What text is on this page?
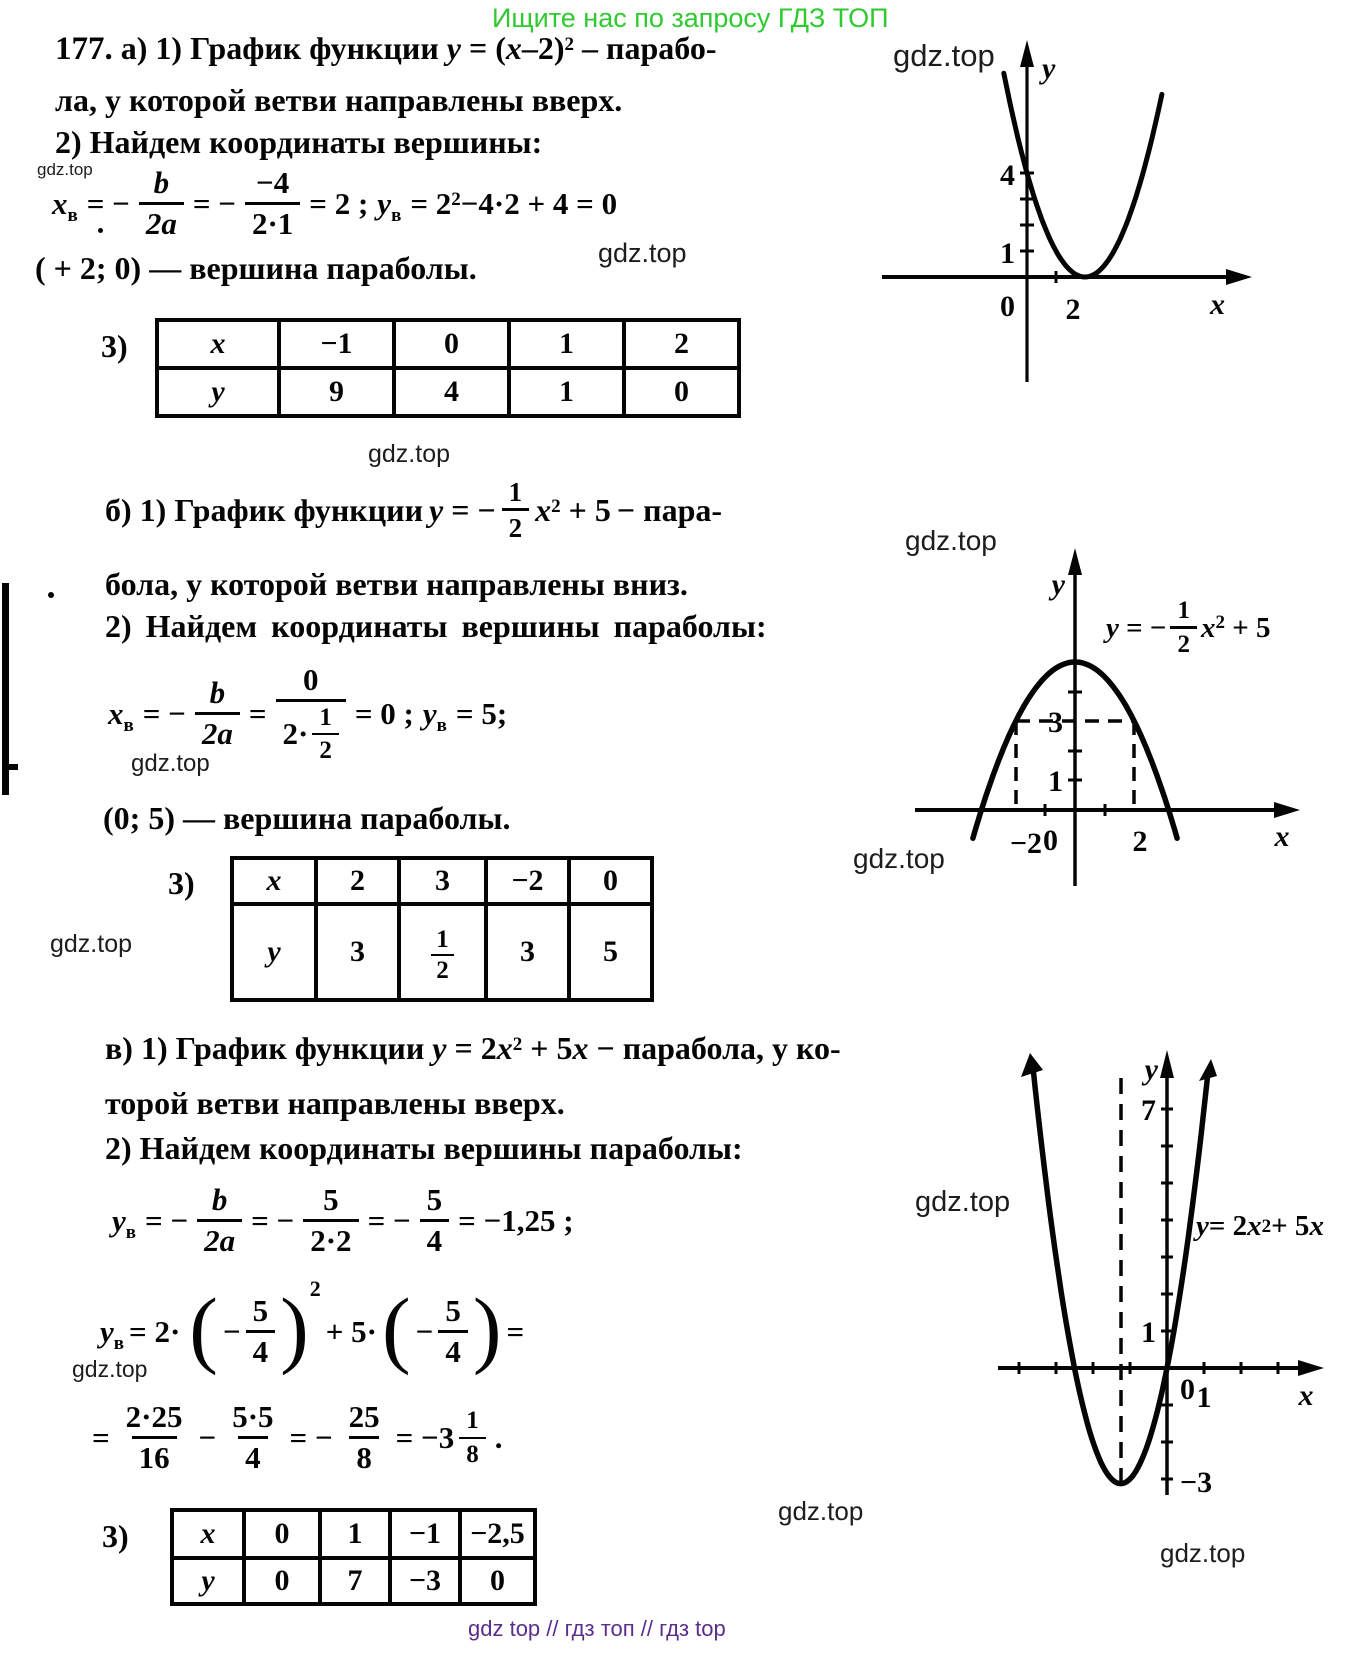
Ищите нас по запросу ГДЗ ТОП
gdz.top
gdz.top
gdz.top
gdz.top
gdz.top
gdz.top
gdz.top
gdz.top
gdz.top
gdz.top
gdz.top
gdz.top
177. а) 1) График функции $y = (x-2)^2$ – парабо-
ла, у которой ветви направлены вверх.
2) Найдем координаты вершины:
$x_в$ = − $\frac{b}{2a}$ = − $\frac{-4}{2\cdot 1} = 2$ ; $y_в = 2^2-4\cdot 2 + 4 = 0$
( + 2; 0) — вершина параболы.
3)	x	−1	0	1	2
y	9	4	1	0
4
1
0 2
y
x
б) 1) График функции y = − $\frac{1}{2} x^2 + 5$ − пара-
бола, у которой ветви направлены вниз.
2) Найдем координаты вершины параболы:
$x_в$ = − $\frac{b}{2a} = 0$
2· 1
2 = 0 ; $y_в = 5$;
(0; 5) — вершина параболы.
3) x	2	3	−2	0
y	3	$\frac{1}{2}$	3	5
1
3
−2 0 2
y
x
y = − $\frac{1}{2} x^2 + 5$
в) 1) График функции $y = 2x^2 + 5x$ − парабола, у ко-
торой ветви направлены вверх.
2) Найдем координаты вершины параболы:
$y_в$ = − $\frac{b}{2a}$ = − $\frac{5}{2\cdot 2}$ = − $\frac{5}{4} = -1,25$ ;
$y_в = 2\cdot$ ( − $\frac{5}{4}$ ) 2
+ 5· ( − $\frac{5}{4}$ ) =
= $\frac{2\cdot 25}{16} - \frac{5\cdot 5}{4}$ = − $\frac{25}{8} = -3$ 1
8 .
3) x	0	1	−1	−2,5
y	0	7	−3	0
7
1
0 1
−3
y
x
y = 2 x 2 + 5 x
gdz top // гдз топ // гдз top
